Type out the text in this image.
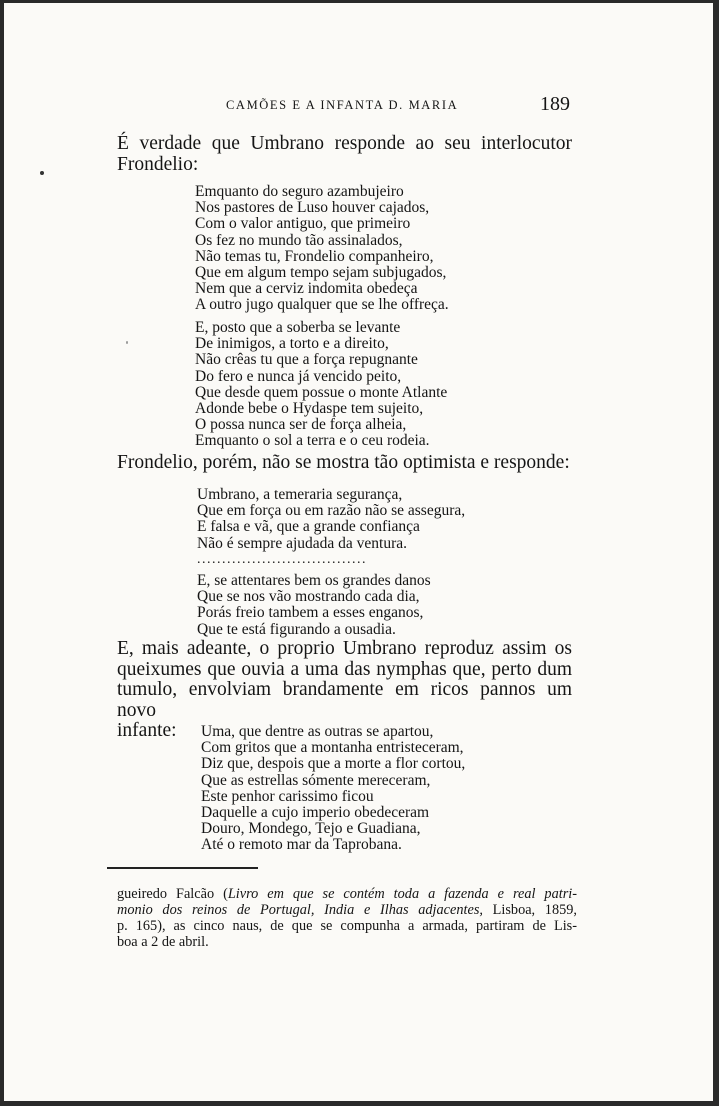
CAMÕES E A INFANTA D. MARIA	189
É verdade que Umbrano responde ao seu interlocutor
Frondelio:
Emquanto do seguro azambujeiro
Nos pastores de Luso houver cajados,
Com o valor antiguo, que primeiro
Os fez no mundo tão assinalados,
Não temas tu, Frondelio companheiro,
Que em algum tempo sejam subjugados,
Nem que a cerviz indomita obedeça
A outro jugo qualquer que se lhe offreça.
E, posto que a soberba se levante
De inimigos, a torto e a direito,
Não crêas tu que a força repugnante
Do fero e nunca já vencido peito,
Que desde quem possue o monte Atlante
Adonde bebe o Hydaspe tem sujeito,
O possa nunca ser de força alheia,
Emquanto o sol a terra e o ceu rodeia.
Frondelio, porém, não se mostra tão optimista e responde:
Umbrano, a temeraria segurança,
Que em força ou em razão não se assegura,
E falsa e vã, que a grande confiança
Não é sempre ajudada da ventura.
..................................
E, se attentares bem os grandes danos
Que se nos vão mostrando cada dia,
Porás freio tambem a esses enganos,
Que te está figurando a ousadia.
E, mais adeante, o proprio Umbrano reproduz assim os
queixumes que ouvia a uma das nymphas que, perto dum
tumulo, envolviam brandamente em ricos pannos um novo
infante:	Uma, que dentre as outras se apartou,
Com gritos que a montanha entristeceram,
Diz que, despois que a morte a flor cortou,
Que as estrellas sómente mereceram,
Este penhor carissimo ficou
Daquelle a cujo imperio obedeceram
Douro, Mondego, Tejo e Guadiana,
Até o remoto mar da Taprobana.
gueiredo Falcão (Livro em que se contém toda a fazenda e real patri-
monio dos reinos de Portugal, India e Ilhas adjacentes, Lisboa, 1859,
p. 165), as cinco naus, de que se compunha a armada, partiram de Lis-
boa a 2 de abril.
